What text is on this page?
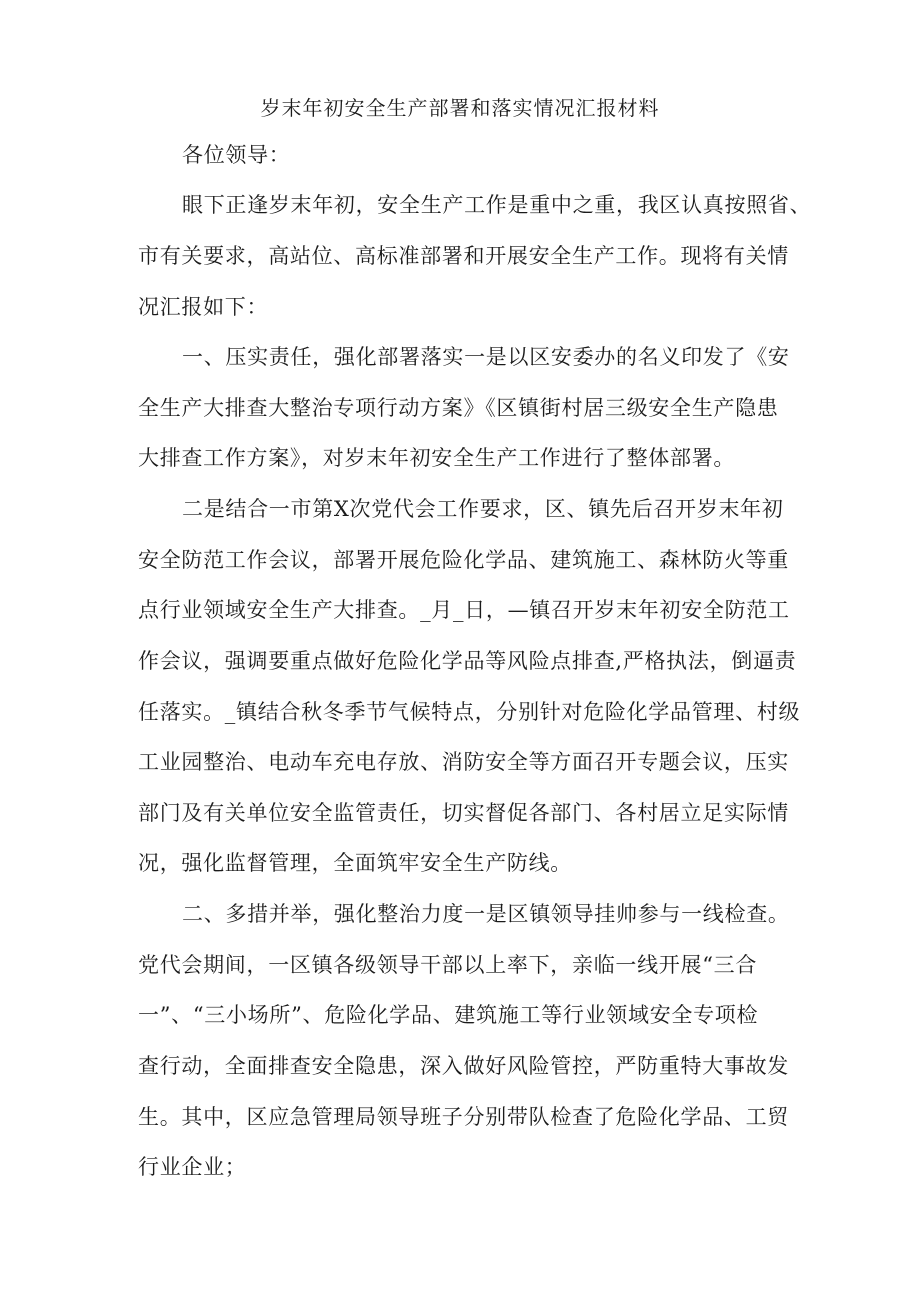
岁末年初安全生产部署和落实情况汇报材料
各位领导：
眼下正逢岁末年初，安全生产工作是重中之重，我区认真按照省、
市有关要求，高站位、高标准部署和开展安全生产工作。现将有关情
况汇报如下：
一、压实责任，强化部署落实一是以区安委办的名义印发了《安
全生产大排查大整治专项行动方案》《区镇街村居三级安全生产隐患
大排查工作方案》，对岁末年初安全生产工作进行了整体部署。
二是结合一市第X次党代会工作要求，区、镇先后召开岁末年初
安全防范工作会议，部署开展危险化学品、建筑施工、森林防火等重
点行业领域安全生产大排查。_月_日，—镇召开岁末年初安全防范工
作会议，强调要重点做好危险化学品等风险点排查,严格执法，倒逼责
任落实。_镇结合秋冬季节气候特点，分别针对危险化学品管理、村级
工业园整治、电动车充电存放、消防安全等方面召开专题会议，压实
部门及有关单位安全监管责任，切实督促各部门、各村居立足实际情
况，强化监督管理，全面筑牢安全生产防线。
二、多措并举，强化整治力度一是区镇领导挂帅参与一线检查。
党代会期间，一区镇各级领导干部以上率下，亲临一线开展“三合
一”、“三小场所”、危险化学品、建筑施工等行业领域安全专项检
查行动，全面排查安全隐患，深入做好风险管控，严防重特大事故发
生。其中，区应急管理局领导班子分别带队检查了危险化学品、工贸
行业企业；
